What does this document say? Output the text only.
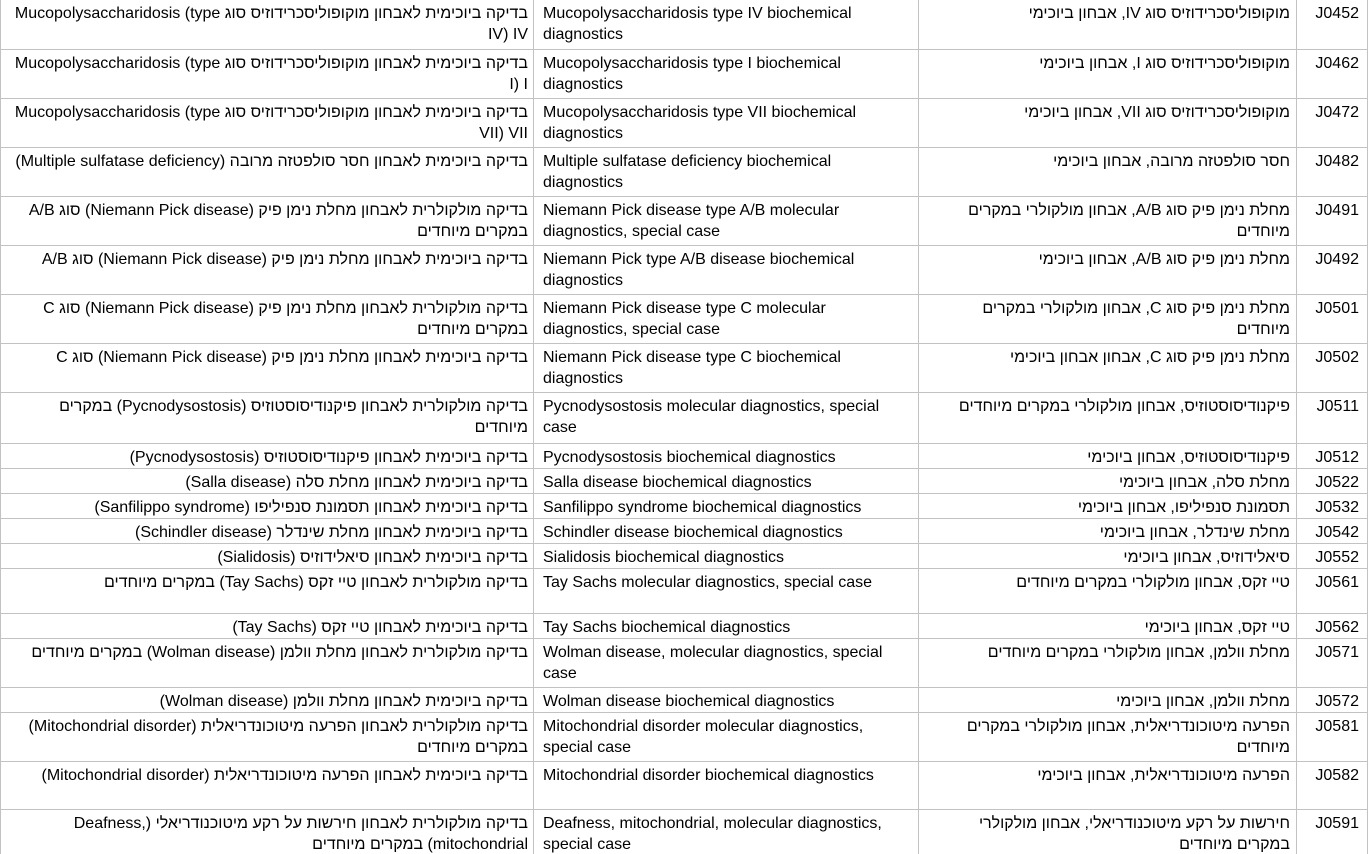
J0452	מוקופוליסכרידוזיס סוג IV, אבחון ביוכימי	Mucopolysaccharidosis type IV biochemical diagnostics	בדיקה ביוכימית לאבחון מוקופוליסכרידוזיס סוג Mucopolysaccharidosis (type IV) IV
J0462	מוקופוליסכרידוזיס סוג I, אבחון ביוכימי	Mucopolysaccharidosis type I biochemical diagnostics	בדיקה ביוכימית לאבחון מוקופוליסכרידוזיס סוג Mucopolysaccharidosis (type I) I
J0472	מוקופוליסכרידוזיס סוג VII, אבחון ביוכימי	Mucopolysaccharidosis type VII biochemical diagnostics	בדיקה ביוכימית לאבחון מוקופוליסכרידוזיס סוג Mucopolysaccharidosis (type VII) VII
J0482	חסר סולפטזה מרובה, אבחון ביוכימי	Multiple sulfatase deficiency biochemical diagnostics	בדיקה ביוכימית לאבחון חסר סולפטזה מרובה (Multiple sulfatase deficiency)
J0491	מחלת נימן פיק סוג A/B, אבחון מולקולרי במקרים מיוחדים	Niemann Pick disease type A/B molecular diagnostics, special case	בדיקה מולקולרית לאבחון מחלת נימן פיק (Niemann Pick disease) סוג A/B במקרים מיוחדים
J0492	מחלת נימן פיק סוג A/B, אבחון ביוכימי	Niemann Pick type A/B disease biochemical diagnostics	בדיקה ביוכימית לאבחון מחלת נימן פיק (Niemann Pick disease) סוג A/B
J0501	מחלת נימן פיק סוג C, אבחון מולקולרי במקרים מיוחדים	Niemann Pick disease type C molecular diagnostics, special case	בדיקה מולקולרית לאבחון מחלת נימן פיק (Niemann Pick disease) סוג C במקרים מיוחדים
J0502	מחלת נימן פיק סוג C, אבחון אבחון ביוכימי	Niemann Pick disease type C biochemical diagnostics	בדיקה ביוכימית לאבחון מחלת נימן פיק (Niemann Pick disease) סוג C
J0511	פיקנודיסוסטוזיס, אבחון מולקולרי במקרים מיוחדים	Pycnodysostosis molecular diagnostics, special case	בדיקה מולקולרית לאבחון פיקנודיסוסטוזיס (Pycnodysostosis) במקרים מיוחדים
J0512	פיקנודיסוסטוזיס, אבחון ביוכימי	Pycnodysostosis biochemical diagnostics	בדיקה ביוכימית לאבחון פיקנודיסוסטוזיס (Pycnodysostosis)
J0522	מחלת סלה, אבחון ביוכימי	Salla disease biochemical diagnostics	בדיקה ביוכימית לאבחון מחלת סלה (Salla disease)
J0532	תסמונת סנפיליפו, אבחון ביוכימי	Sanfilippo syndrome biochemical diagnostics	בדיקה ביוכימית לאבחון תסמונת סנפיליפו (Sanfilippo syndrome)
J0542	מחלת שינדלר, אבחון ביוכימי	Schindler disease biochemical diagnostics	בדיקה ביוכימית לאבחון מחלת שינדלר (Schindler disease)
J0552	סיאלידוזיס, אבחון ביוכימי	Sialidosis biochemical diagnostics	בדיקה ביוכימית לאבחון סיאלידוזיס (Sialidosis)
J0561	טיי זקס, אבחון מולקולרי במקרים מיוחדים	Tay Sachs molecular diagnostics, special case	בדיקה מולקולרית לאבחון טיי זקס (Tay Sachs) במקרים מיוחדים
J0562	טיי זקס, אבחון ביוכימי	Tay Sachs biochemical diagnostics	בדיקה ביוכימית לאבחון טיי זקס (Tay Sachs)
J0571	מחלת וולמן, אבחון מולקולרי במקרים מיוחדים	Wolman disease, molecular diagnostics, special case	בדיקה מולקולרית לאבחון מחלת וולמן (Wolman disease) במקרים מיוחדים
J0572	מחלת וולמן, אבחון ביוכימי	Wolman disease biochemical diagnostics	בדיקה ביוכימית לאבחון מחלת וולמן (Wolman disease)
J0581	הפרעה מיטוכונדריאלית, אבחון מולקולרי במקרים מיוחדים	Mitochondrial disorder molecular diagnostics, special case	בדיקה מולקולרית לאבחון הפרעה מיטוכונדריאלית (Mitochondrial disorder) במקרים מיוחדים
J0582	הפרעה מיטוכונדריאלית, אבחון ביוכימי	Mitochondrial disorder biochemical diagnostics	בדיקה ביוכימית לאבחון הפרעה מיטוכונדריאלית (Mitochondrial disorder)
J0591	חירשות על רקע מיטוכנודריאלי, אבחון מולקולרי במקרים מיוחדים	Deafness, mitochondrial, molecular diagnostics, special case	בדיקה מולקולרית לאבחון חירשות על רקע מיטוכנודריאלי (Deafness, mitochondrial) במקרים מיוחדים
